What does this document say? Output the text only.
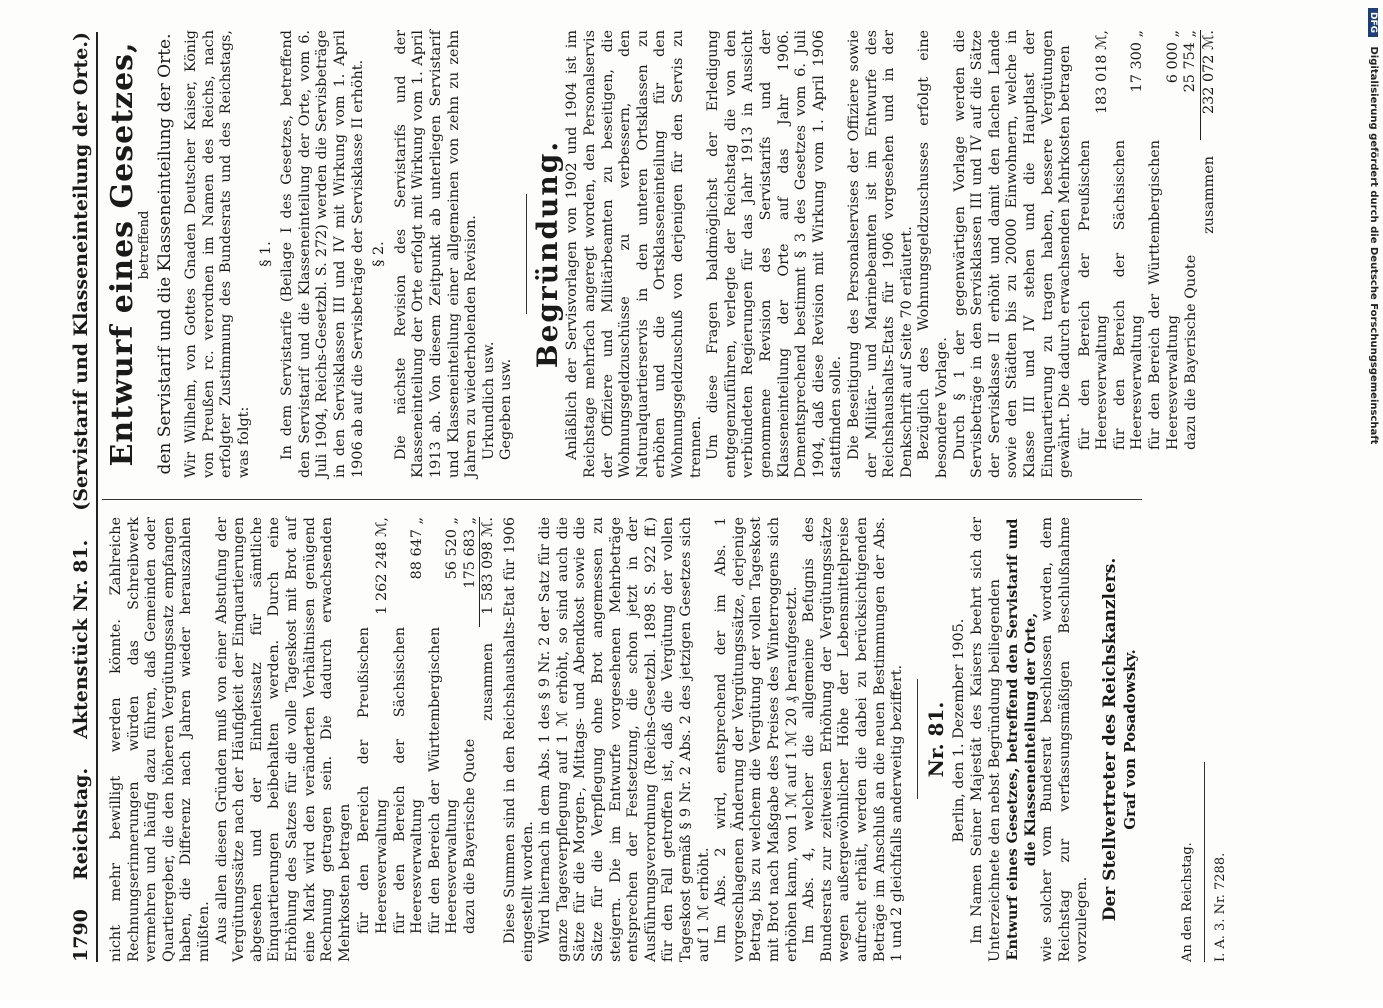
1790
Reichstag.
Aktenstück Nr. 81.
(Servistarif und Klasseneinteilung der Orte.)

nicht mehr bewilligt werden könnte. Zahlreiche Rechnungserinnerungen würden das Schreibwerk vermehren und häufig dazu führen, daß Gemeinden oder Quartiergeber, die den höheren Vergütungssatz empfangen haben, die Differenz nach Jahren wieder herauszahlen müßten. Aus allen diesen Gründen muß von einer Abstufung der Vergütungssätze nach der Häufigkeit der Einquartierungen abgesehen und der Einheitssatz für sämtliche Einquartierungen beibehalten werden. Durch eine Erhöhung des Satzes für die volle Tageskost mit Brot auf eine Mark wird den veränderten Verhältnissen genügend Rechnung getragen sein. Die dadurch erwachsenden Mehrkosten betragen für den Bereich der Preußischen Heeresverwaltung	1 262 248 ℳ,
für den Bereich der Sächsischen Heeresverwaltung	88 647 „
für den Bereich der Württembergischen Heeresverwaltung	56 520 „
dazu die Bayerische Quote	175 683 „
zusammen	1 583 098 ℳ. Diese Summen sind in den Reichshaushalts-Etat für 1906 eingestellt worden. Wird hiernach in dem Abs. 1 des § 9 Nr. 2 der Satz für die ganze Tagesverpflegung auf 1 ℳ erhöht, so sind auch die Sätze für die Morgen-, Mittags- und Abendkost sowie die Sätze für die Verpflegung ohne Brot angemessen zu steigern. Die im Entwurfe vorgesehenen Mehrbeträge entsprechen der Festsetzung, die schon jetzt in der Ausführungsverordnung (Reichs-Gesetzbl. 1898 S. 922 ff.) für den Fall getroffen ist, daß die Vergütung der vollen Tageskost gemäß § 9 Nr. 2 Abs. 2 des jetzigen Gesetzes sich auf 1 ℳ erhöht. Im Abs. 2 wird, entsprechend der im Abs. 1 vorgeschlagenen Änderung der Vergütungssätze, derjenige Betrag, bis zu welchem die Vergütung der vollen Tageskost mit Brot nach Maßgabe des Preises des Winterroggens sich erhöhen kann, von 1 ℳ auf 1 ℳ 20 ₰ heraufgesetzt. Im Abs. 4, welcher die allgemeine Befugnis des Bundesrats zur zeitweisen Erhöhung der Vergütungssätze wegen außergewöhnlicher Höhe der Lebensmittelpreise aufrecht erhält, werden die dabei zu berücksichtigenden Beträge im Anschluß an die neuen Bestimmungen der Abs. 1 und 2 gleichfalls anderweitig beziffert. Nr. 81. Berlin, den 1. Dezember 1905. Im Namen Seiner Majestät des Kaisers beehrt sich der Unterzeichnete den nebst Begründung beiliegenden Entwurf eines Gesetzes, betreffend den Servistarif und die Klasseneinteilung der Orte, wie solcher vom Bundesrat beschlossen worden, dem Reichstag zur verfassungsmäßigen Beschlußnahme vorzulegen. Der Stellvertreter des Reichskanzlers. Graf von Posadowsky.
An den Reichstag. I. A. 3. Nr. 7288.
Entwurf eines Gesetzes,

betreffend den Servistarif und die Klasseneinteilung der Orte. Wir Wilhelm, von Gottes Gnaden Deutscher Kaiser, König von Preußen rc. verordnen im Namen des Reichs, nach erfolgter Zustimmung des Bundesrats und des Reichstags, was folgt:

§ 1. In dem Servistarife (Beilage I des Gesetzes, betreffend den Servistarif und die Klasseneinteilung der Orte, vom 6. Juli 1904, Reichs-Gesetzbl. S. 272) werden die Servisbeträge in den Servisklassen III und IV mit Wirkung vom 1. April 1906 ab auf die Servisbeträge der Servisklasse II erhöht. § 2. Die nächste Revision des Servistarifs und der Klasseneinteilung der Orte erfolgt mit Wirkung vom 1. April 1913 ab. Von diesem Zeitpunkt ab unterliegen Servistarif und Klasseneinteilung einer allgemeinen von zehn zu zehn Jahren zu wiederholenden Revision. Urkundlich usw. Gegeben usw.

Begründung. Anläßlich der Servisvorlagen von 1902 und 1904 ist im Reichstage mehrfach angeregt worden, den Personalservis der Offiziere und Militärbeamten zu beseitigen, die Wohnungsgeldzuschüsse zu verbessern, den Naturalquartierservis in den unteren Ortsklassen zu erhöhen und die Ortsklasseneinteilung für den Wohnungsgeldzuschuß von derjenigen für den Servis zu trennen. Um diese Fragen baldmöglichst der Erledigung entgegenzuführen, verlegte der Reichstag die von den verbündeten Regierungen für das Jahr 1913 in Aussicht genommene Revision des Servistarifs und der Klasseneinteilung der Orte auf das Jahr 1906. Dementsprechend bestimmt § 3 des Gesetzes vom 6. Juli 1904, daß diese Revision mit Wirkung vom 1. April 1906 stattfinden solle. Die Beseitigung des Personalservises der Offiziere sowie der Militär- und Marinebeamten ist im Entwurfe des Reichshaushalts-Etats für 1906 vorgesehen und in der Denkschrift auf Seite 70 erläutert. Bezüglich des Wohnungsgeldzuschusses erfolgt eine besondere Vorlage. Durch § 1 der gegenwärtigen Vorlage werden die Servisbeträge in den Servisklassen III und IV auf die Sätze der Servisklasse II erhöht und damit den flachen Lande sowie den Städten bis zu 20000 Einwohnern, welche in Klasse III und IV stehen und die Hauptlast der Einquartierung zu tragen haben, bessere Vergütungen gewährt. Die dadurch erwachsenden Mehrkosten betragen für den Bereich der Preußischen Heeresverwaltung	183 018 ℳ,
für den Bereich der Sächsischen Heeresverwaltung	17 300 „
für den Bereich der Württembergischen Heeresverwaltung	6 000 „
dazu die Bayerische Quote	25 754 „
zusammen	232 072 ℳ.
DFG Digitalisierung gefördert durch die Deutsche Forschungsgemeinschaft
